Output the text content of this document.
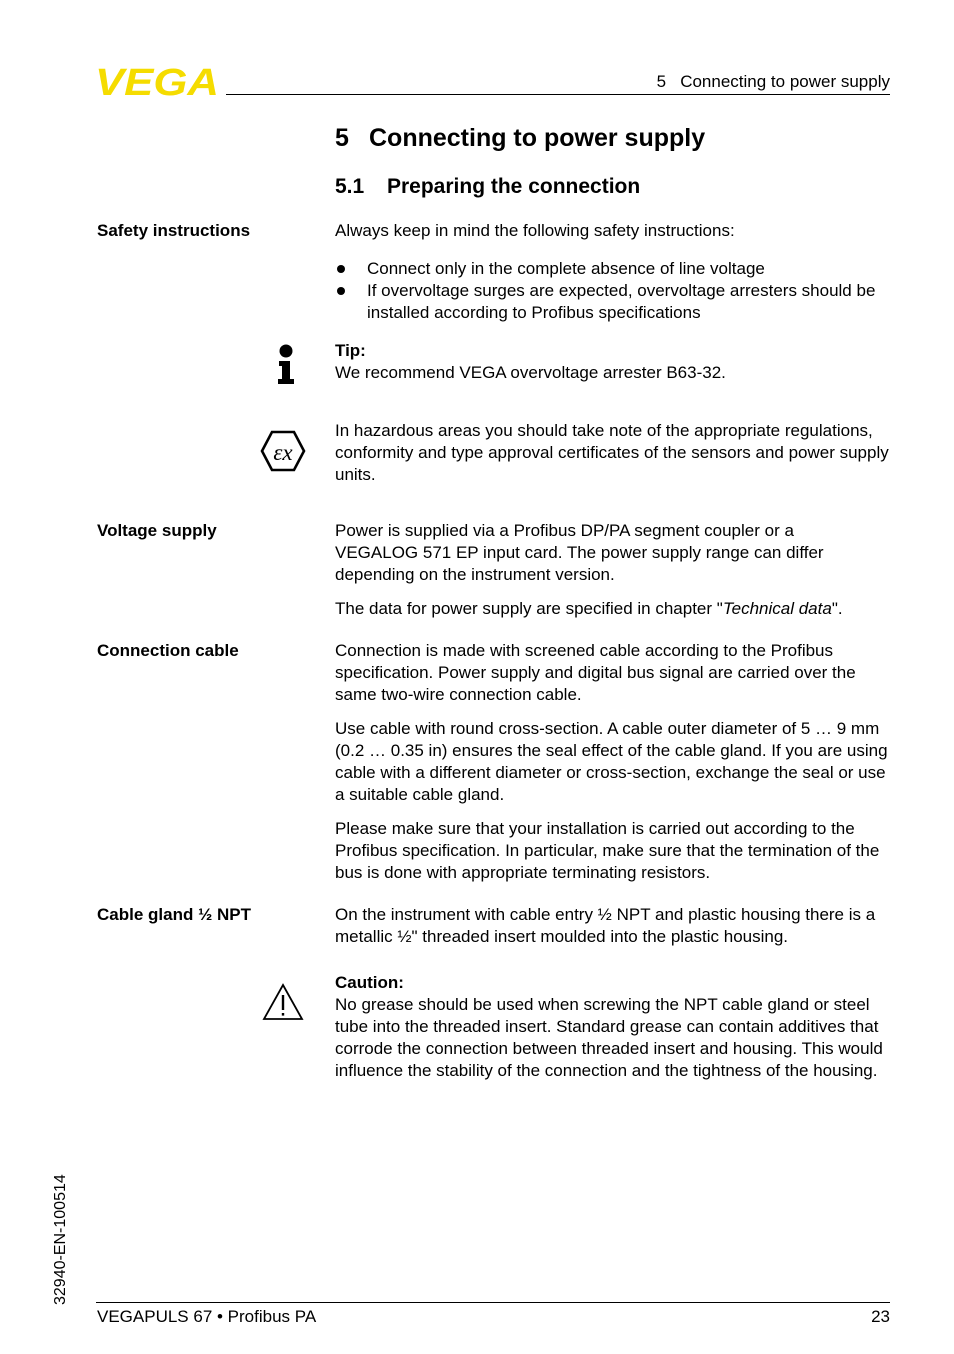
VEGA	5   Connecting to power supply
5 Connecting to power supply
5.1 Preparing the connection
Safety instructions	Always keep in mind the following safety instructions:
Connect only in the complete absence of line voltage
If overvoltage surges are expected, overvoltage arresters should be installed according to Profibus specifications
Tip:
We recommend VEGA overvoltage arrester B63-32.
εx
In hazardous areas you should take note of the appropriate regulations, conformity and type approval certificates of the sensors and power supply units.
Voltage supply	Power is supplied via a Profibus DP/PA segment coupler or a VEGALOG 571 EP input card. The power supply range can differ depending on the instrument version.
The data for power supply are specified in chapter "Technical data".
Connection cable	Connection is made with screened cable according to the Profibus specification. Power supply and digital bus signal are carried over the same two-wire connection cable.
Use cable with round cross-section. A cable outer diameter of 5 … 9 mm (0.2 … 0.35 in) ensures the seal effect of the cable gland. If you are using cable with a different diameter or cross-section, exchange the seal or use a suitable cable gland.
Please make sure that your installation is carried out according to the Profibus specification. In particular, make sure that the termination of the bus is done with appropriate terminating resistors.
Cable gland ½ NPT	On the instrument with cable entry ½ NPT and plastic housing there is a metallic ½" threaded insert moulded into the plastic housing.
Caution:
No grease should be used when screwing the NPT cable gland or steel tube into the threaded insert. Standard grease can contain additives that corrode the connection between threaded insert and housing. This would influence the stability of the connection and the tightness of the housing.
32940-EN-100514
VEGAPULS 67 • Profibus PA	23
